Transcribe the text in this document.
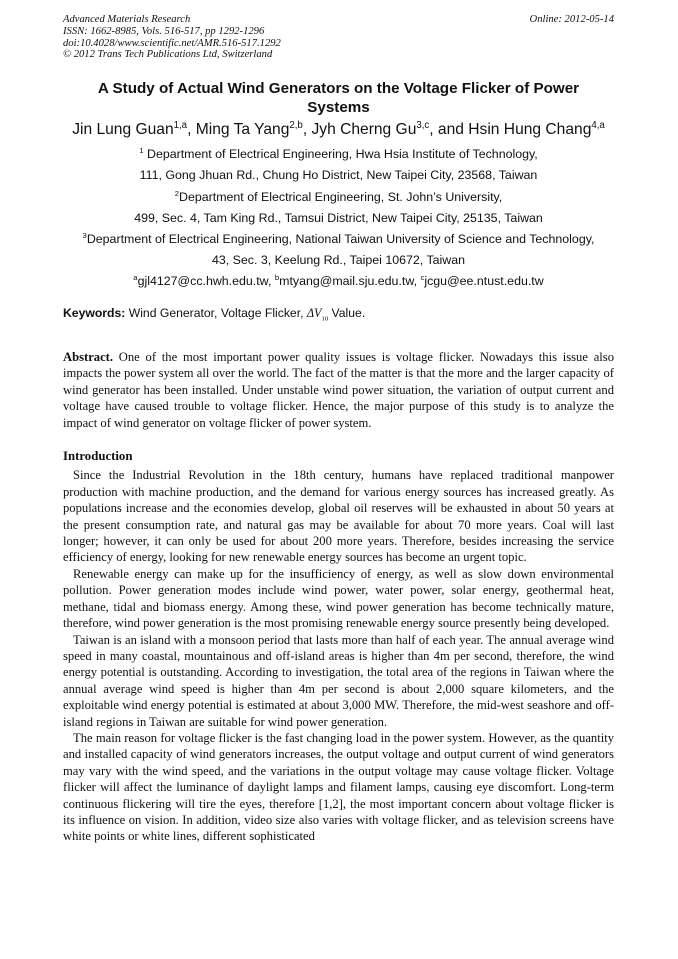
Advanced Materials Research
ISSN: 1662-8985, Vols. 516-517, pp 1292-1296
doi:10.4028/www.scientific.net/AMR.516-517.1292
© 2012 Trans Tech Publications Ltd, Switzerland
Online: 2012-05-14
A Study of Actual Wind Generators on the Voltage Flicker of Power Systems
Jin Lung Guan$^{1,a}$, Ming Ta Yang$^{2,b}$, Jyh Cherng Gu$^{3,c}$, and Hsin Hung Chang$^{4,a}$
$^1$ Department of Electrical Engineering, Hwa Hsia Institute of Technology,
111, Gong Jhuan Rd., Chung Ho District, New Taipei City, 23568, Taiwan
$^2$Department of Electrical Engineering, St. John’s University,
499, Sec. 4, Tam King Rd., Tamsui District, New Taipei City, 25135, Taiwan
$^3$Department of Electrical Engineering, National Taiwan University of Science and Technology,
43, Sec. 3, Keelung Rd., Taipei 10672, Taiwan
$^a$gjl4127@cc.hwh.edu.tw, $^b$mtyang@mail.sju.edu.tw, $^c$jcgu@ee.ntust.edu.tw
Keywords: Wind Generator, Voltage Flicker, $\Delta V_{10}$ Value.
Abstract. One of the most important power quality issues is voltage flicker. Nowadays this issue also impacts the power system all over the world. The fact of the matter is that the more and the larger capacity of wind generator has been installed. Under unstable wind power situation, the variation of output current and voltage have caused trouble to voltage flicker. Hence, the major purpose of this study is to analyze the impact of wind generator on voltage flicker of power system.
Introduction

Since the Industrial Revolution in the 18th century, humans have replaced traditional manpower production with machine production, and the demand for various energy sources has increased greatly. As populations increase and the economies develop, global oil reserves will be exhausted in about 50 years at the present consumption rate, and natural gas may be available for about 70 more years. Coal will last longer; however, it can only be used for about 200 more years. Therefore, besides increasing the service efficiency of energy, looking for new renewable energy sources has become an urgent topic.

Renewable energy can make up for the insufficiency of energy, as well as slow down environmental pollution. Power generation modes include wind power, water power, solar energy, geothermal heat, methane, tidal and biomass energy. Among these, wind power generation has become technically mature, therefore, wind power generation is the most promising renewable energy source presently being developed.

Taiwan is an island with a monsoon period that lasts more than half of each year. The annual average wind speed in many coastal, mountainous and off-island areas is higher than 4m per second, therefore, the wind energy potential is outstanding. According to investigation, the total area of the regions in Taiwan where the annual average wind speed is higher than 4m per second is about 2,000 square kilometers, and the exploitable wind energy potential is estimated at about 3,000 MW. Therefore, the mid-west seashore and off-island regions in Taiwan are suitable for wind power generation.

The main reason for voltage flicker is the fast changing load in the power system. However, as the quantity and installed capacity of wind generators increases, the output voltage and output current of wind generators may vary with the wind speed, and the variations in the output voltage may cause voltage flicker. Voltage flicker will affect the luminance of daylight lamps and filament lamps, causing eye discomfort. Long-term continuous flickering will tire the eyes, therefore [1,2], the most important concern about voltage flicker is its influence on vision. In addition, video size also varies with voltage flicker, and as television screens have white points or white lines, different sophisticated
